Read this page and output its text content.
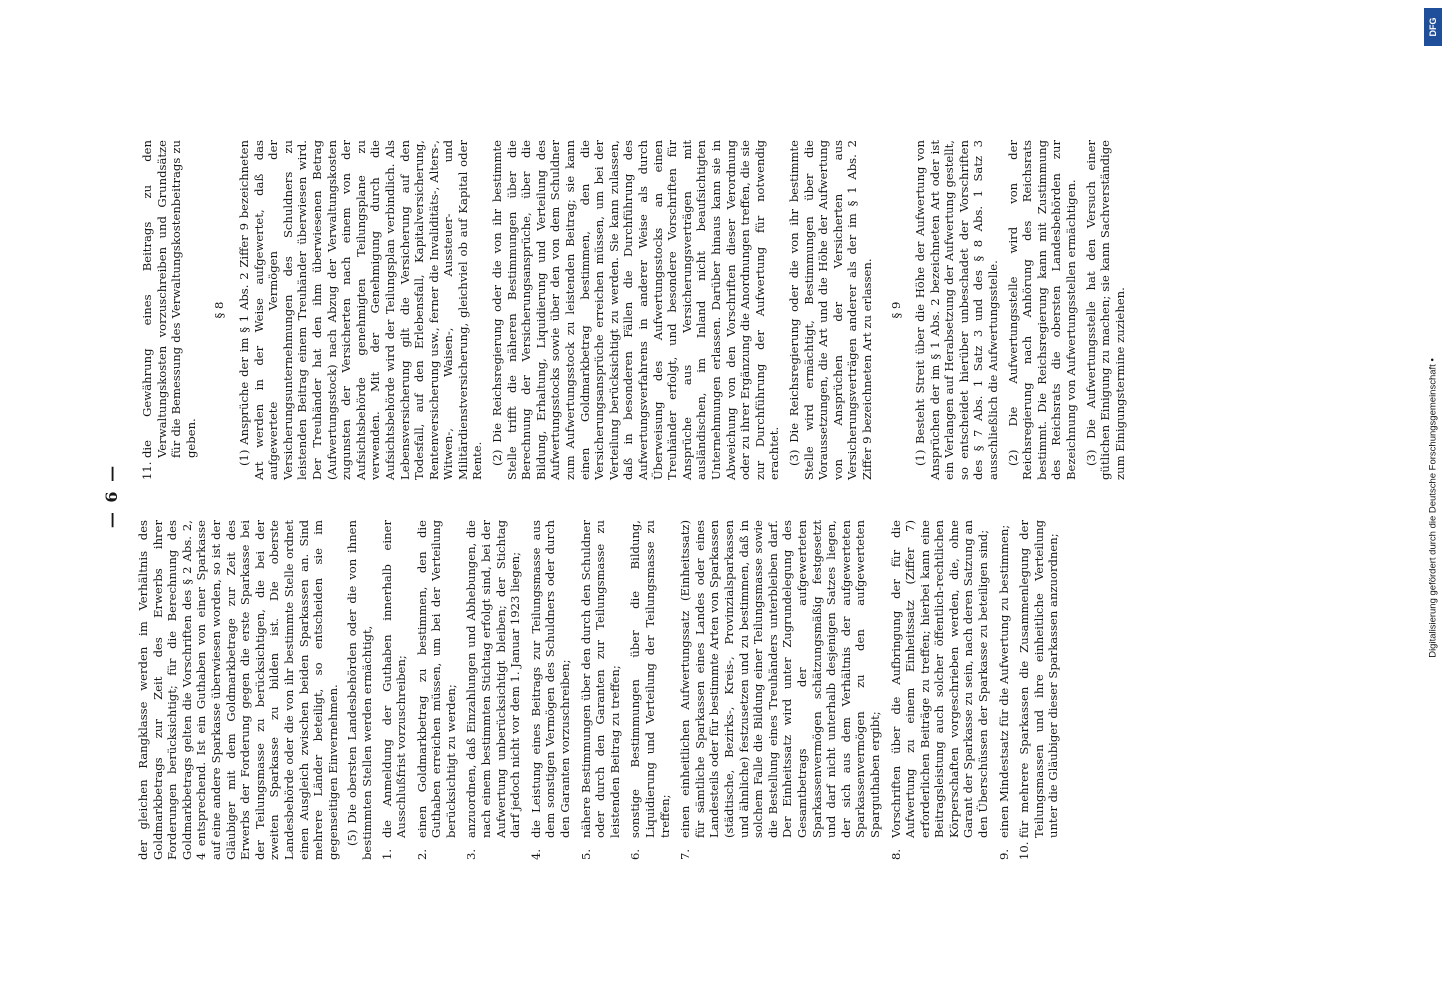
— 6 —

der gleichen Rangklasse werden im Verhältnis des Goldmarkbetrags zur Zeit des Erwerbs ihrer Forderungen berücksichtigt; für die Berechnung des Goldmarkbetrags gelten die Vorschriften des § 2 Abs. 2, 4 entsprechend. Ist ein Guthaben von einer Sparkasse auf eine andere Sparkasse überwiesen worden, so ist der Gläubiger mit dem Goldmarkbetrage zur Zeit des Erwerbs der Forderung gegen die erste Sparkasse bei der Teilungsmasse zu berücksichtigen, die bei der zweiten Sparkasse zu bilden ist. Die oberste Landesbehörde oder die von ihr bestimmte Stelle ordnet einen Ausgleich zwischen beiden Sparkassen an. Sind mehrere Länder beteiligt, so entscheiden sie im gegenseitigen Einvernehmen. (5) Die obersten Landesbehörden oder die von ihnen bestimmten Stellen werden ermächtigt, 1.
die Anmeldung der Guthaben innerhalb einer Ausschlußfrist vorzuschreiben;
2.
einen Goldmarkbetrag zu bestimmen, den die Guthaben erreichen müssen, um bei der Verteilung berücksichtigt zu werden;
3.
anzuordnen, daß Einzahlungen und Abhebungen, die nach einem bestimmten Stichtag erfolgt sind, bei der Aufwertung unberücksichtigt bleiben; der Stichtag darf jedoch nicht vor dem 1. Januar 1923 liegen;
4.
die Leistung eines Beitrags zur Teilungsmasse aus dem sonstigen Vermögen des Schuldners oder durch den Garanten vorzuschreiben;
5.
nähere Bestimmungen über den durch den Schuldner oder durch den Garanten zur Teilungsmasse zu leistenden Beitrag zu treffen;
6.
sonstige Bestimmungen über die Bildung, Liquidierung und Verteilung der Teilungsmasse zu treffen;
7.
einen einheitlichen Aufwertungssatz (Einheitssatz) für sämtliche Sparkassen eines Landes oder eines Landesteils oder für bestimmte Arten von Sparkassen (städtische, Bezirks-, Kreis-, Provinzialsparkassen und ähnliche) festzusetzen und zu bestimmen, daß in solchem Falle die Bildung einer Teilungsmasse sowie die Bestellung eines Treuhänders unterbleiben darf. Der Einheitssatz wird unter Zugrundelegung des Gesamtbetrags der aufgewerteten Sparkassenvermögen schätzungsmäßig festgesetzt und darf nicht unterhalb desjenigen Satzes liegen, der sich aus dem Verhältnis der aufgewerteten Sparkassenvermögen zu den aufgewerteten Sparguthaben ergibt;
8.
Vorschriften über die Aufbringung der für die Aufwertung zu einem Einheitssatz (Ziffer 7) erforderlichen Beiträge zu treffen; hierbei kann eine Beitragsleistung auch solcher öffentlich-rechtlichen Körperschaften vorgeschrieben werden, die, ohne Garant der Sparkasse zu sein, nach deren Satzung an den Überschüssen der Sparkasse zu beteiligen sind;
9.
einen Mindestsatz für die Aufwertung zu bestimmen;
10.
für mehrere Sparkassen die Zusammenlegung der Teilungsmassen und ihre einheitliche Verteilung unter die Gläubiger dieser Sparkassen anzuordnen;
11.
die Gewährung eines Beitrags zu den Verwaltungskosten vorzuschreiben und Grundsätze für die Bemessung des Verwaltungskostenbeitrags zu geben.
§ 8 (1) Ansprüche der im § 1 Abs. 2 Ziffer 9 bezeichneten Art werden in der Weise aufgewertet, daß das aufgewertete Vermögen der Versicherungsunternehmungen des Schuldners zu leistenden Beitrag einem Treuhänder überwiesen wird. Der Treuhänder hat den ihm überwiesenen Betrag (Aufwertungsstock) nach Abzug der Verwaltungskosten zugunsten der Versicherten nach einem von der Aufsichtsbehörde genehmigten Teilungsplane zu verwenden. Mit der Genehmigung durch die Aufsichtsbehörde wird der Teilungsplan verbindlich. Als Lebensversicherung gilt die Versicherung auf den Todesfall, auf den Erlebensfall, Kapitalversicherung, Rentenversicherung usw., ferner die Invaliditäts-, Alters-, Witwen-, Waisen-, Aussteuer- und Militärdienstversicherung, gleichviel ob auf Kapital oder Rente. (2) Die Reichsregierung oder die von ihr bestimmte Stelle trifft die näheren Bestimmungen über die Berechnung der Versicherungsansprüche, über die Bildung, Erhaltung, Liquidierung und Verteilung des Aufwertungsstocks sowie über den von dem Schuldner zum Aufwertungsstock zu leistenden Beitrag; sie kann einen Goldmarkbetrag bestimmen, den die Versicherungsansprüche erreichen müssen, um bei der Verteilung berücksichtigt zu werden. Sie kann zulassen, daß in besonderen Fällen die Durchführung des Aufwertungsverfahrens in anderer Weise als durch Überweisung des Aufwertungsstocks an einen Treuhänder erfolgt, und besondere Vorschriften für Ansprüche aus Versicherungsverträgen mit ausländischen, im Inland nicht beaufsichtigten Unternehmungen erlassen. Darüber hinaus kann sie in Abweichung von den Vorschriften dieser Verordnung oder zu ihrer Ergänzung die Anordnungen treffen, die sie zur Durchführung der Aufwertung für notwendig erachtet. (3) Die Reichsregierung oder die von ihr bestimmte Stelle wird ermächtigt, Bestimmungen über die Voraussetzungen, die Art und die Höhe der Aufwertung von Ansprüchen der Versicherten aus Versicherungsverträgen anderer als der im § 1 Abs. 2 Ziffer 9 bezeichneten Art zu erlassen. § 9 (1) Besteht Streit über die Höhe der Aufwertung von Ansprüchen der im § 1 Abs. 2 bezeichneten Art oder ist ein Verlangen auf Herabsetzung der Aufwertung gestellt, so entscheidet hierüber unbeschadet der Vorschriften des § 7 Abs. 1 Satz 3 und des § 8 Abs. 1 Satz 3 ausschließlich die Aufwertungsstelle. (2) Die Aufwertungsstelle wird von der Reichsregierung nach Anhörung des Reichsrats bestimmt. Die Reichsregierung kann mit Zustimmung des Reichsrats die obersten Landesbehörden zur Bezeichnung von Aufwertungsstellen ermächtigen. (3) Die Aufwertungsstelle hat den Versuch einer gütlichen Einigung zu machen; sie kann Sachverständige zum Einigungstermine zuziehen.

DFG
Digitalisierung gefördert durch die Deutsche Forschungsgemeinschaft •
